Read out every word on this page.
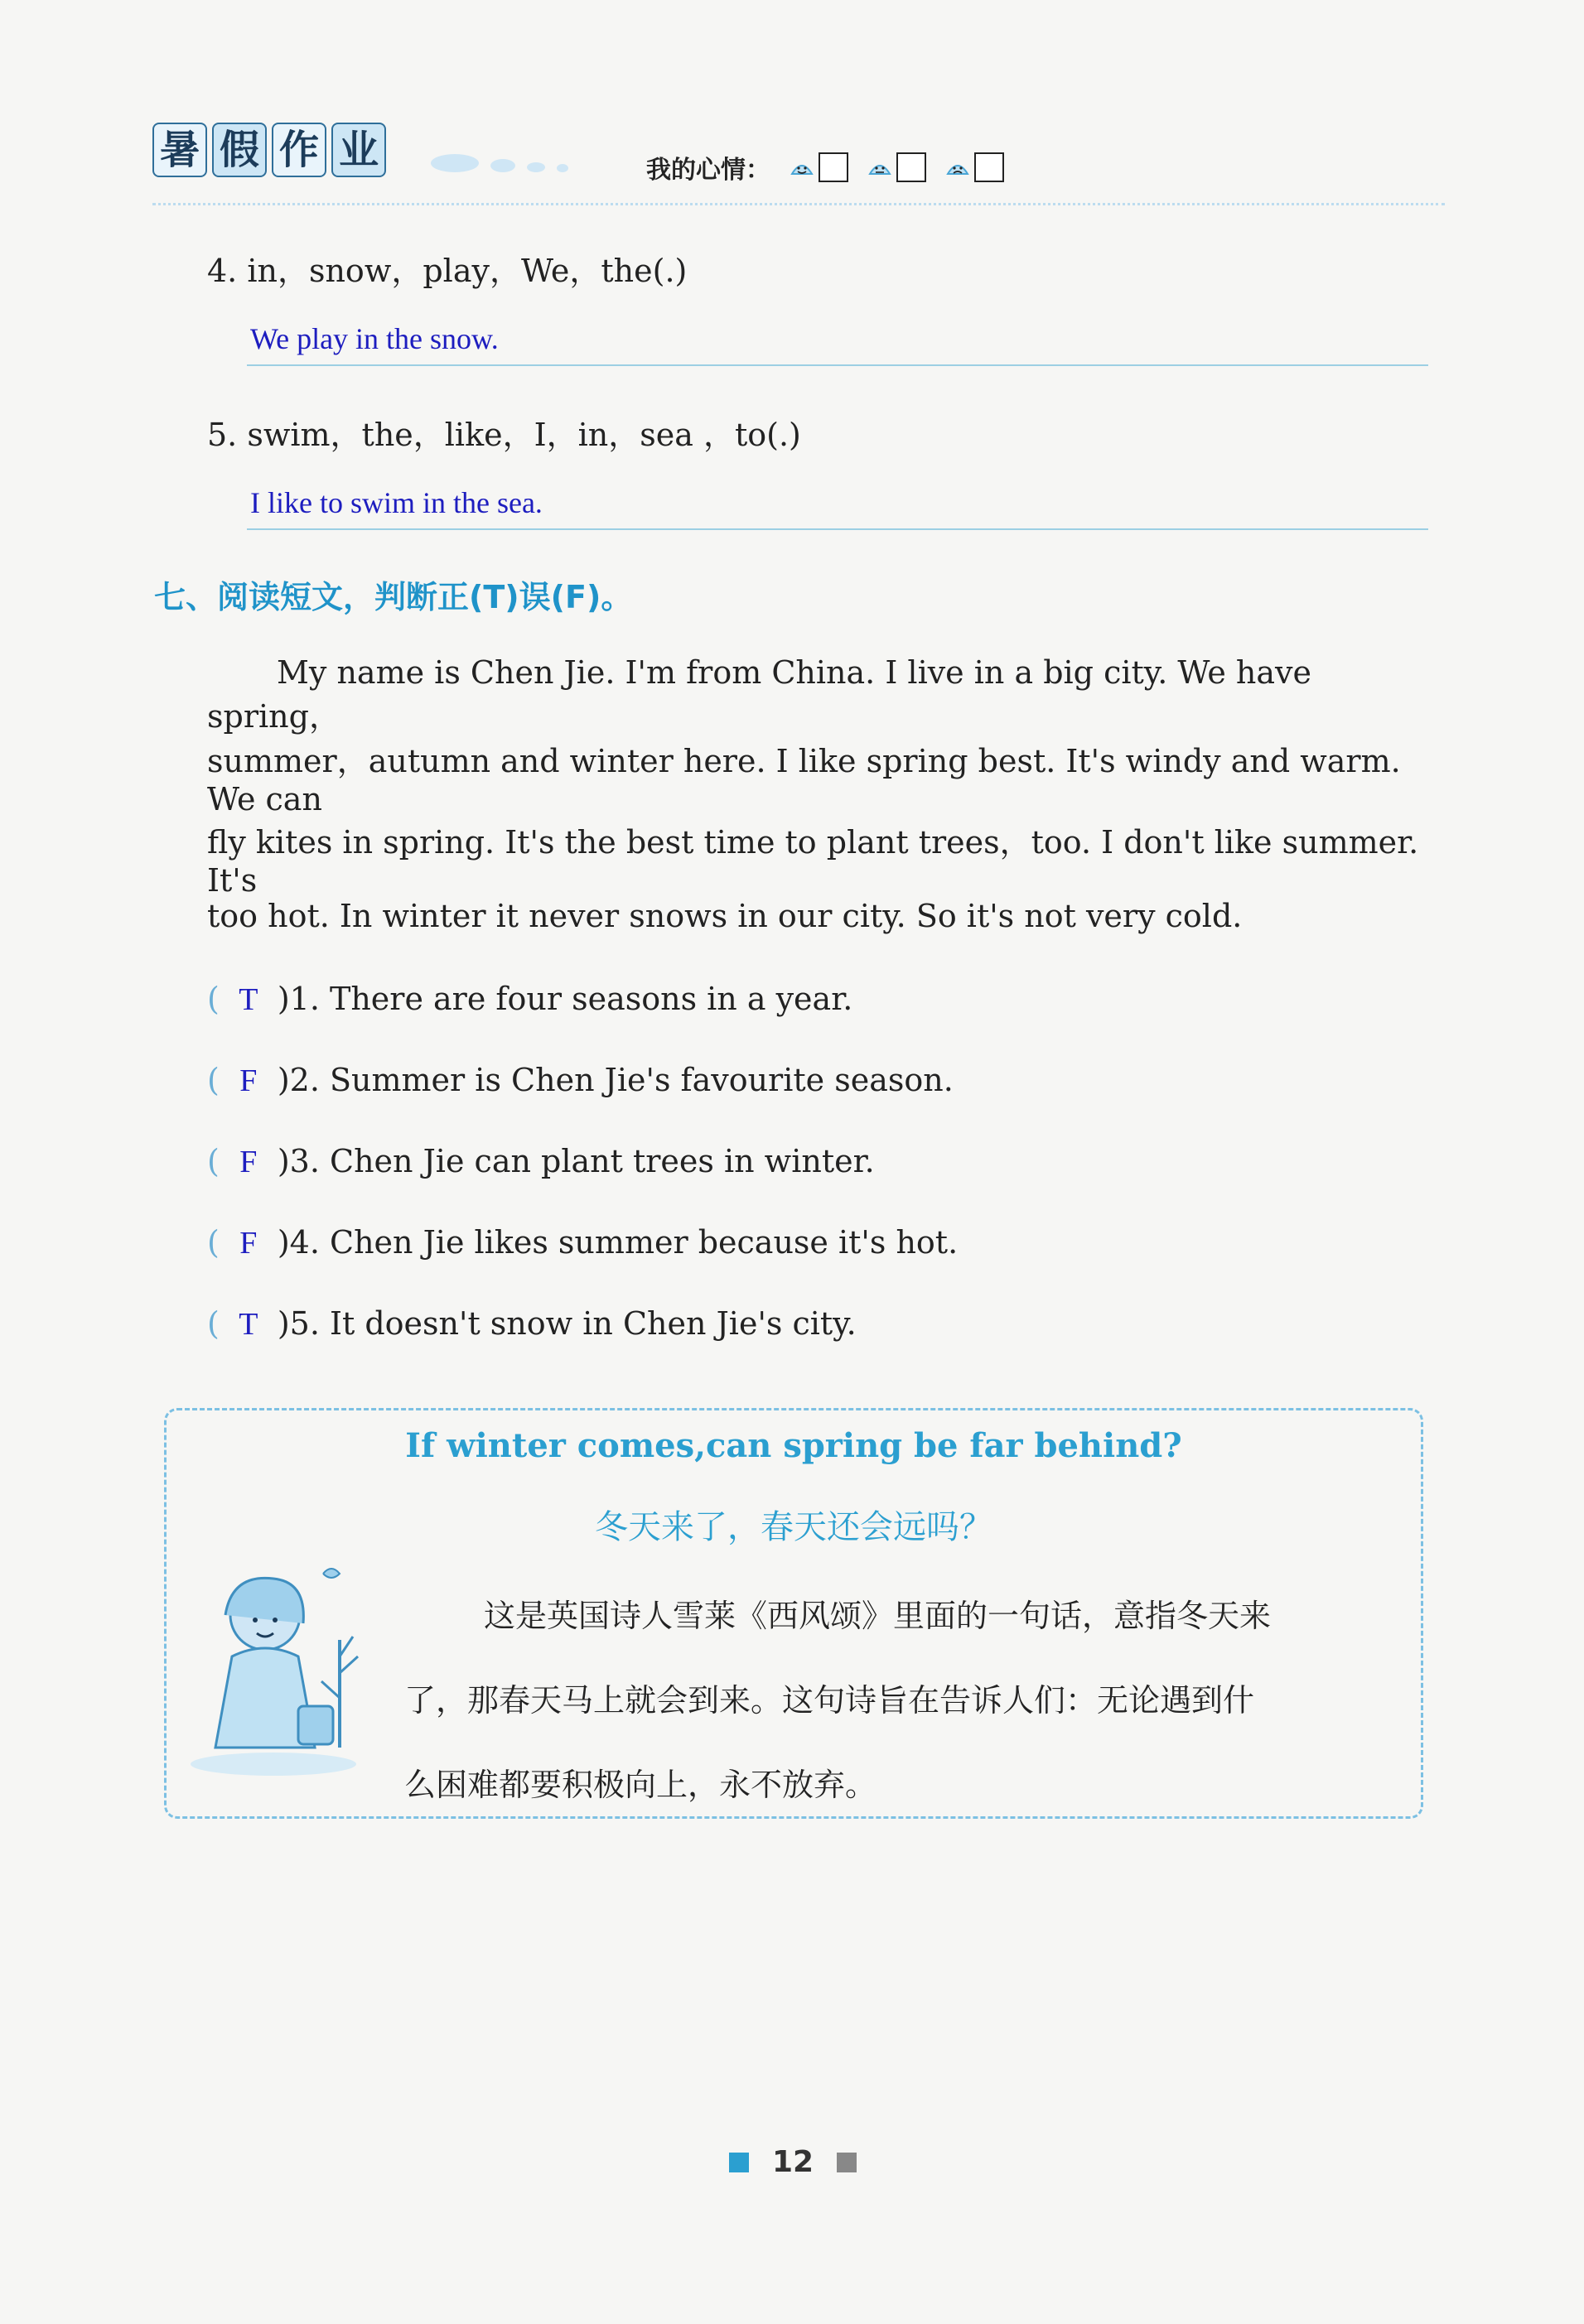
暑 假 作 业	我的心情：
4. in，snow，play，We，the(.)
We play in the snow.
5. swim，the，like，I，in，sea ，to(.)
I like to swim in the sea.
七、阅读短文，判断正(T)误(F)。
My name is Chen Jie. I'm from China. I live in a big city. We have spring，
summer，autumn and winter here. I like spring best. It's windy and warm. We can
fly kites in spring. It's the best time to plant trees，too. I don't like summer. It's
too hot. In winter it never snows in our city. So it's not very cold.
( T )1. There are four seasons in a year.
( F )2. Summer is Chen Jie's favourite season.
( F )3. Chen Jie can plant trees in winter.
( F )4. Chen Jie likes summer because it's hot.
( T )5. It doesn't snow in Chen Jie's city.
If winter comes,can spring be far behind?
冬天来了，春天还会远吗？
这是英国诗人雪莱《西风颂》里面的一句话，意指冬天来
了，那春天马上就会到来。这句诗旨在告诉人们：无论遇到什
么困难都要积极向上，永不放弃。
12
